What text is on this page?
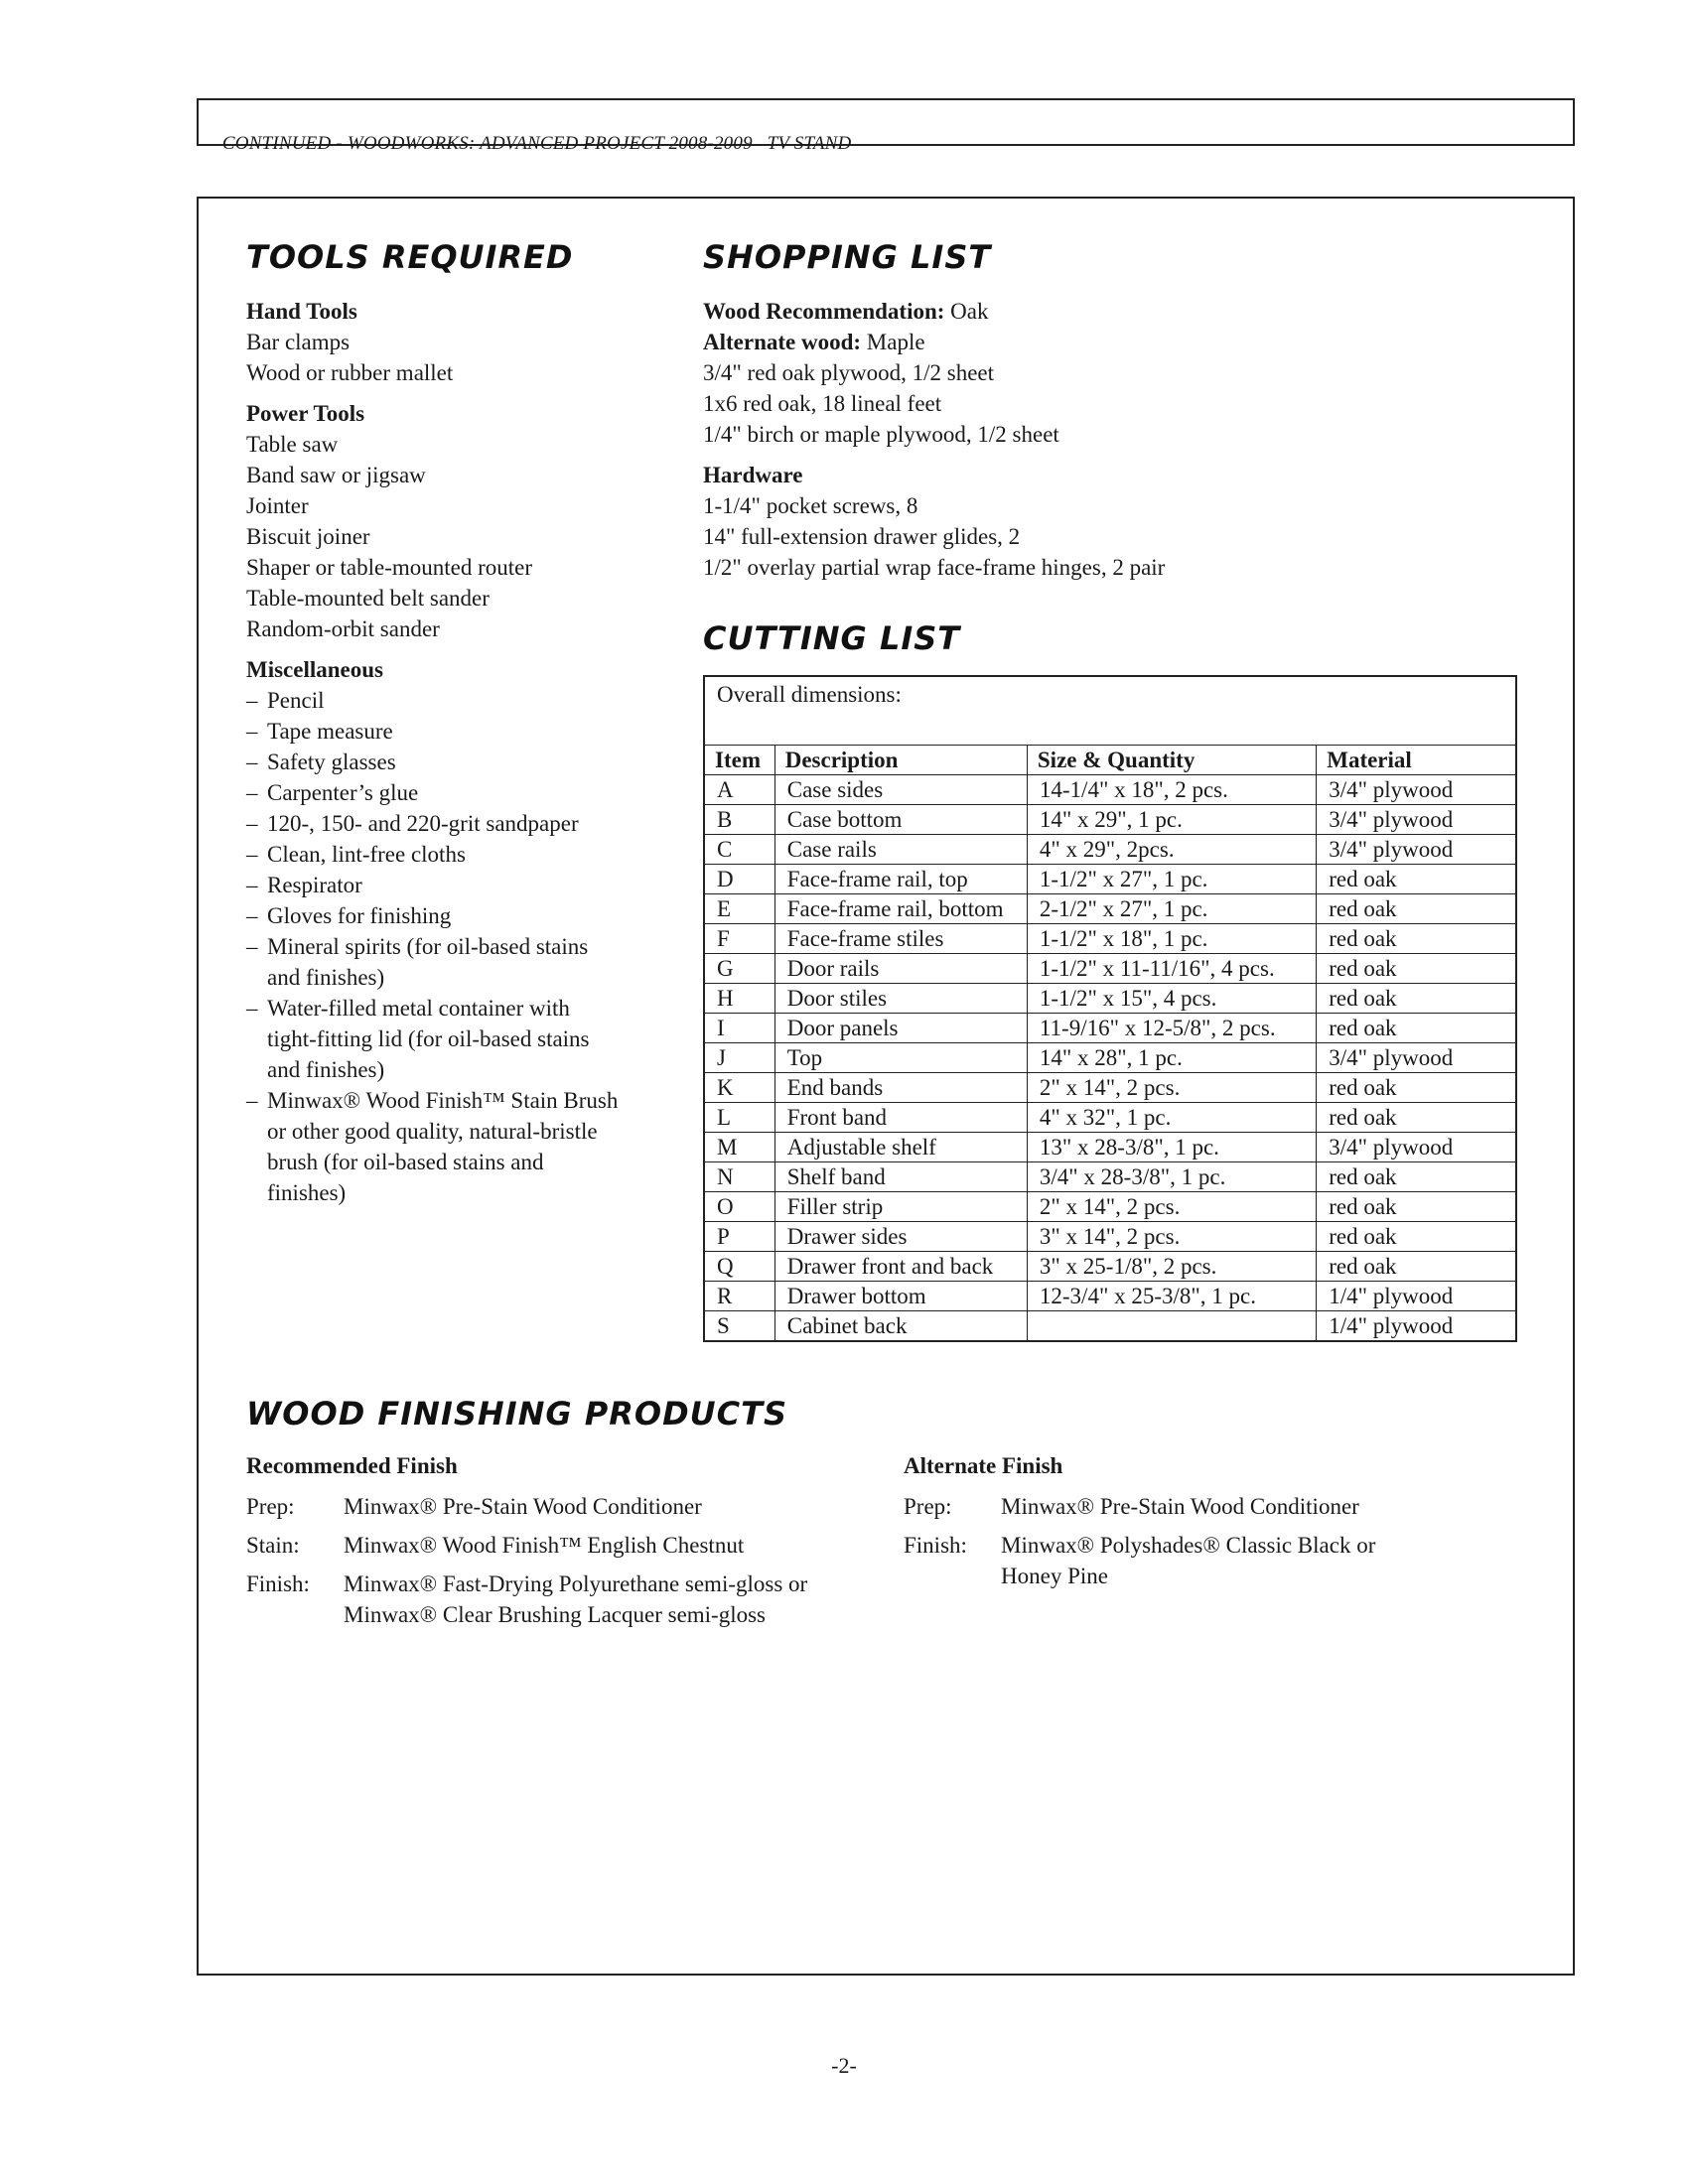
CONTINUED - WOODWORKS: ADVANCED PROJECT 2008-2009   TV STAND

TOOLS REQUIRED
Hand Tools
Bar clamps
Wood or rubber mallet
Power Tools
Table saw
Band saw or jigsaw
Jointer
Biscuit joiner
Shaper or table-mounted router
Table-mounted belt sander
Random-orbit sander
Miscellaneous
– Pencil
– Tape measure
– Safety glasses
– Carpenter’s glue
– 120-, 150- and 220-grit sandpaper
– Clean, lint-free cloths
– Respirator
– Gloves for finishing
– Mineral spirits (for oil-based stains and finishes)
– Water-filled metal container with tight-fitting lid (for oil-based stains and finishes)
– Minwax® Wood Finish™ Stain Brush or other good quality, natural-bristle brush (for oil-based stains and finishes)
SHOPPING LIST
Wood Recommendation: Oak
Alternate wood: Maple
3/4" red oak plywood, 1/2 sheet
1x6 red oak, 18 lineal feet
1/4" birch or maple plywood, 1/2 sheet
Hardware
1-1/4" pocket screws, 8
14" full-extension drawer glides, 2
1/2" overlay partial wrap face-frame hinges, 2 pair
CUTTING LIST
Overall dimensions:			
Item	Description	Size & Quantity	Material
A	Case sides	14-1/4" x 18", 2 pcs.	3/4" plywood
B	Case bottom	14" x 29", 1 pc.	3/4" plywood
C	Case rails	4" x 29", 2pcs.	3/4" plywood
D	Face-frame rail, top	1-1/2" x 27", 1 pc.	red oak
E	Face-frame rail, bottom	2-1/2" x 27", 1 pc.	red oak
F	Face-frame stiles	1-1/2" x 18", 1 pc.	red oak
G	Door rails	1-1/2" x 11-11/16", 4 pcs.	red oak
H	Door stiles	1-1/2" x 15", 4 pcs.	red oak
I	Door panels	11-9/16" x 12-5/8", 2 pcs.	red oak
J	Top	14" x 28", 1 pc.	3/4" plywood
K	End bands	2" x 14", 2 pcs.	red oak
L	Front band	4" x 32", 1 pc.	red oak
M	Adjustable shelf	13" x 28-3/8", 1 pc.	3/4" plywood
N	Shelf band	3/4" x 28-3/8", 1 pc.	red oak
O	Filler strip	2" x 14", 2 pcs.	red oak
P	Drawer sides	3" x 14", 2 pcs.	red oak
Q	Drawer front and back	3" x 25-1/8", 2 pcs.	red oak
R	Drawer bottom	12-3/4" x 25-3/8", 1 pc.	1/4" plywood
S	Cabinet back		1/4" plywood
WOOD FINISHING PRODUCTS
Recommended Finish
Prep:	Minwax® Pre-Stain Wood Conditioner
Stain:	Minwax® Wood Finish™ English Chestnut
Finish:	Minwax® Fast-Drying Polyurethane semi-gloss or
Minwax® Clear Brushing Lacquer semi-gloss
Alternate Finish
Prep:	Minwax® Pre-Stain Wood Conditioner
Finish:	Minwax® Polyshades® Classic Black or
Honey Pine
-2-
